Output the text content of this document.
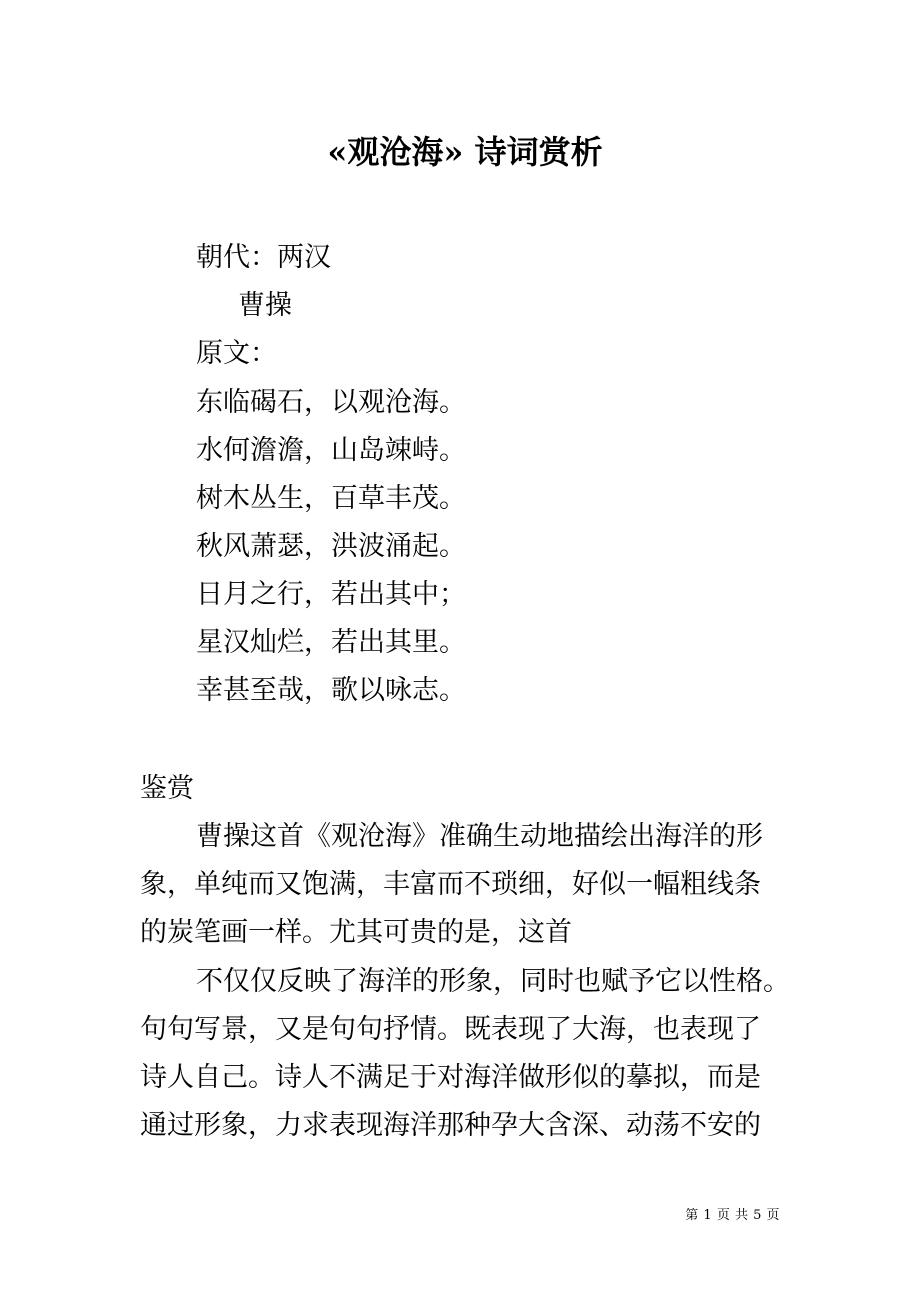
«观沧海» 诗词赏析
朝代：两汉
曹操
原文：
东临碣石，以观沧海。
水何澹澹，山岛竦峙。
树木丛生，百草丰茂。
秋风萧瑟，洪波涌起。
日月之行，若出其中；
星汉灿烂，若出其里。
幸甚至哉，歌以咏志。
鉴赏
曹操这首《观沧海》准确生动地描绘出海洋的形
象，单纯而又饱满，丰富而不琐细，好似一幅粗线条
的炭笔画一样。尤其可贵的是，这首
不仅仅反映了海洋的形象，同时也赋予它以性格。
句句写景，又是句句抒情。既表现了大海，也表现了
诗人自己。诗人不满足于对海洋做形似的摹拟，而是
通过形象，力求表现海洋那种孕大含深、动荡不安的
第 1 页 共 5 页
